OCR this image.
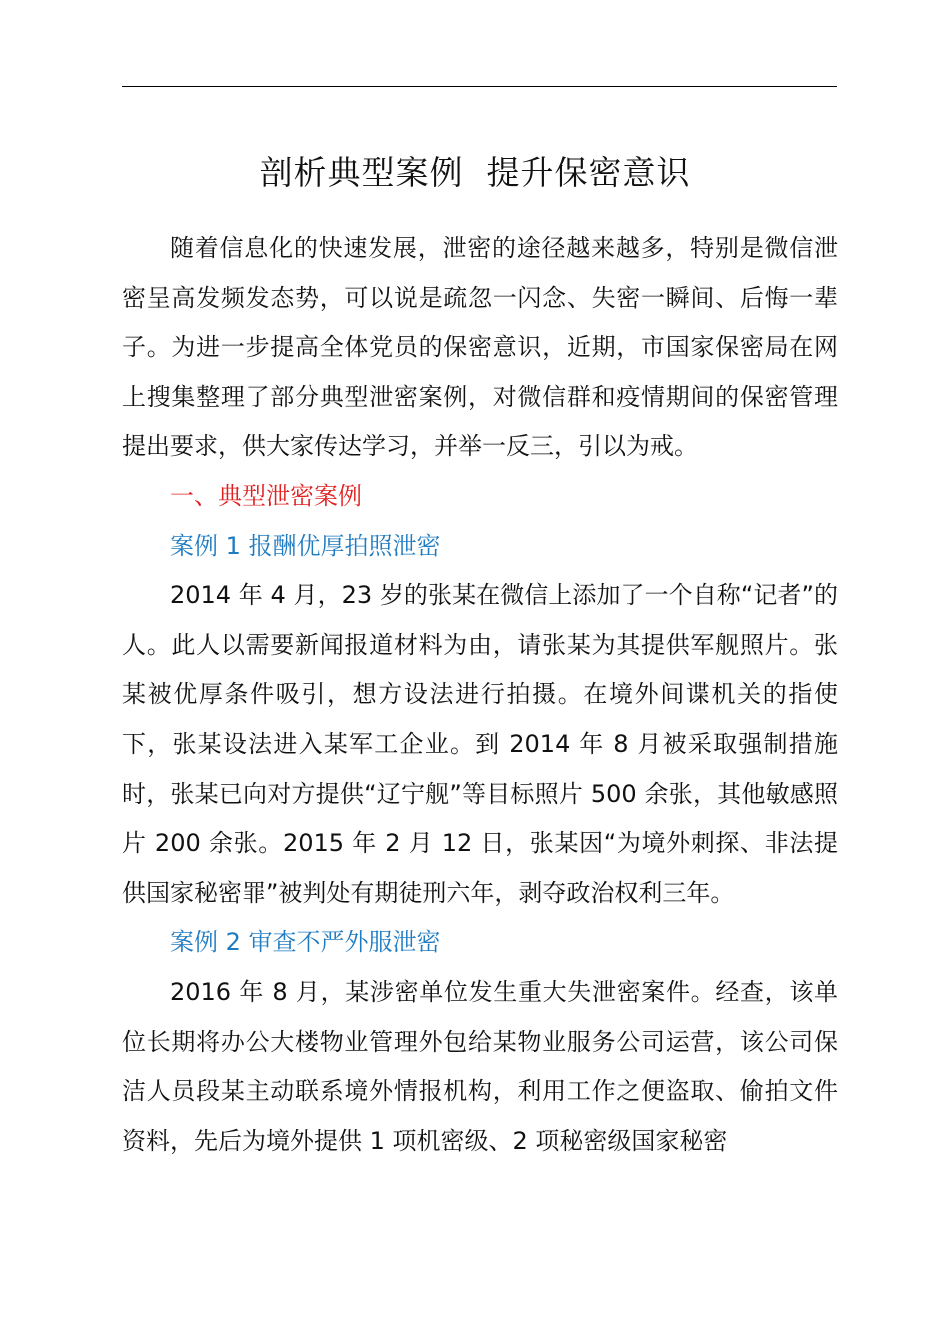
剖析典型案例  提升保密意识

随着信息化的快速发展，泄密的途径越来越多，特别是微信泄密呈高发频发态势，可以说是疏忽一闪念、失密一瞬间、后悔一辈子。为进一步提高全体党员的保密意识，近期，市国家保密局在网上搜集整理了部分典型泄密案例，对微信群和疫情期间的保密管理提出要求，供大家传达学习，并举一反三，引以为戒。

一、典型泄密案例

案例 1 报酬优厚拍照泄密

2014 年 4 月，23 岁的张某在微信上添加了一个自称“记者”的人。此人以需要新闻报道材料为由，请张某为其提供军舰照片。张某被优厚条件吸引，想方设法进行拍摄。在境外间谍机关的指使下，张某设法进入某军工企业。到 2014 年 8 月被采取强制措施时，张某已向对方提供“辽宁舰”等目标照片 500 余张，其他敏感照片 200 余张。2015 年 2 月 12 日，张某因“为境外刺探、非法提供国家秘密罪”被判处有期徒刑六年，剥夺政治权利三年。

案例 2 审查不严外服泄密

2016 年 8 月，某涉密单位发生重大失泄密案件。经查，该单位长期将办公大楼物业管理外包给某物业服务公司运营，该公司保洁人员段某主动联系境外情报机构，利用工作之便盗取、偷拍文件资料，先后为境外提供 1 项机密级、2 项秘密级国家秘密
